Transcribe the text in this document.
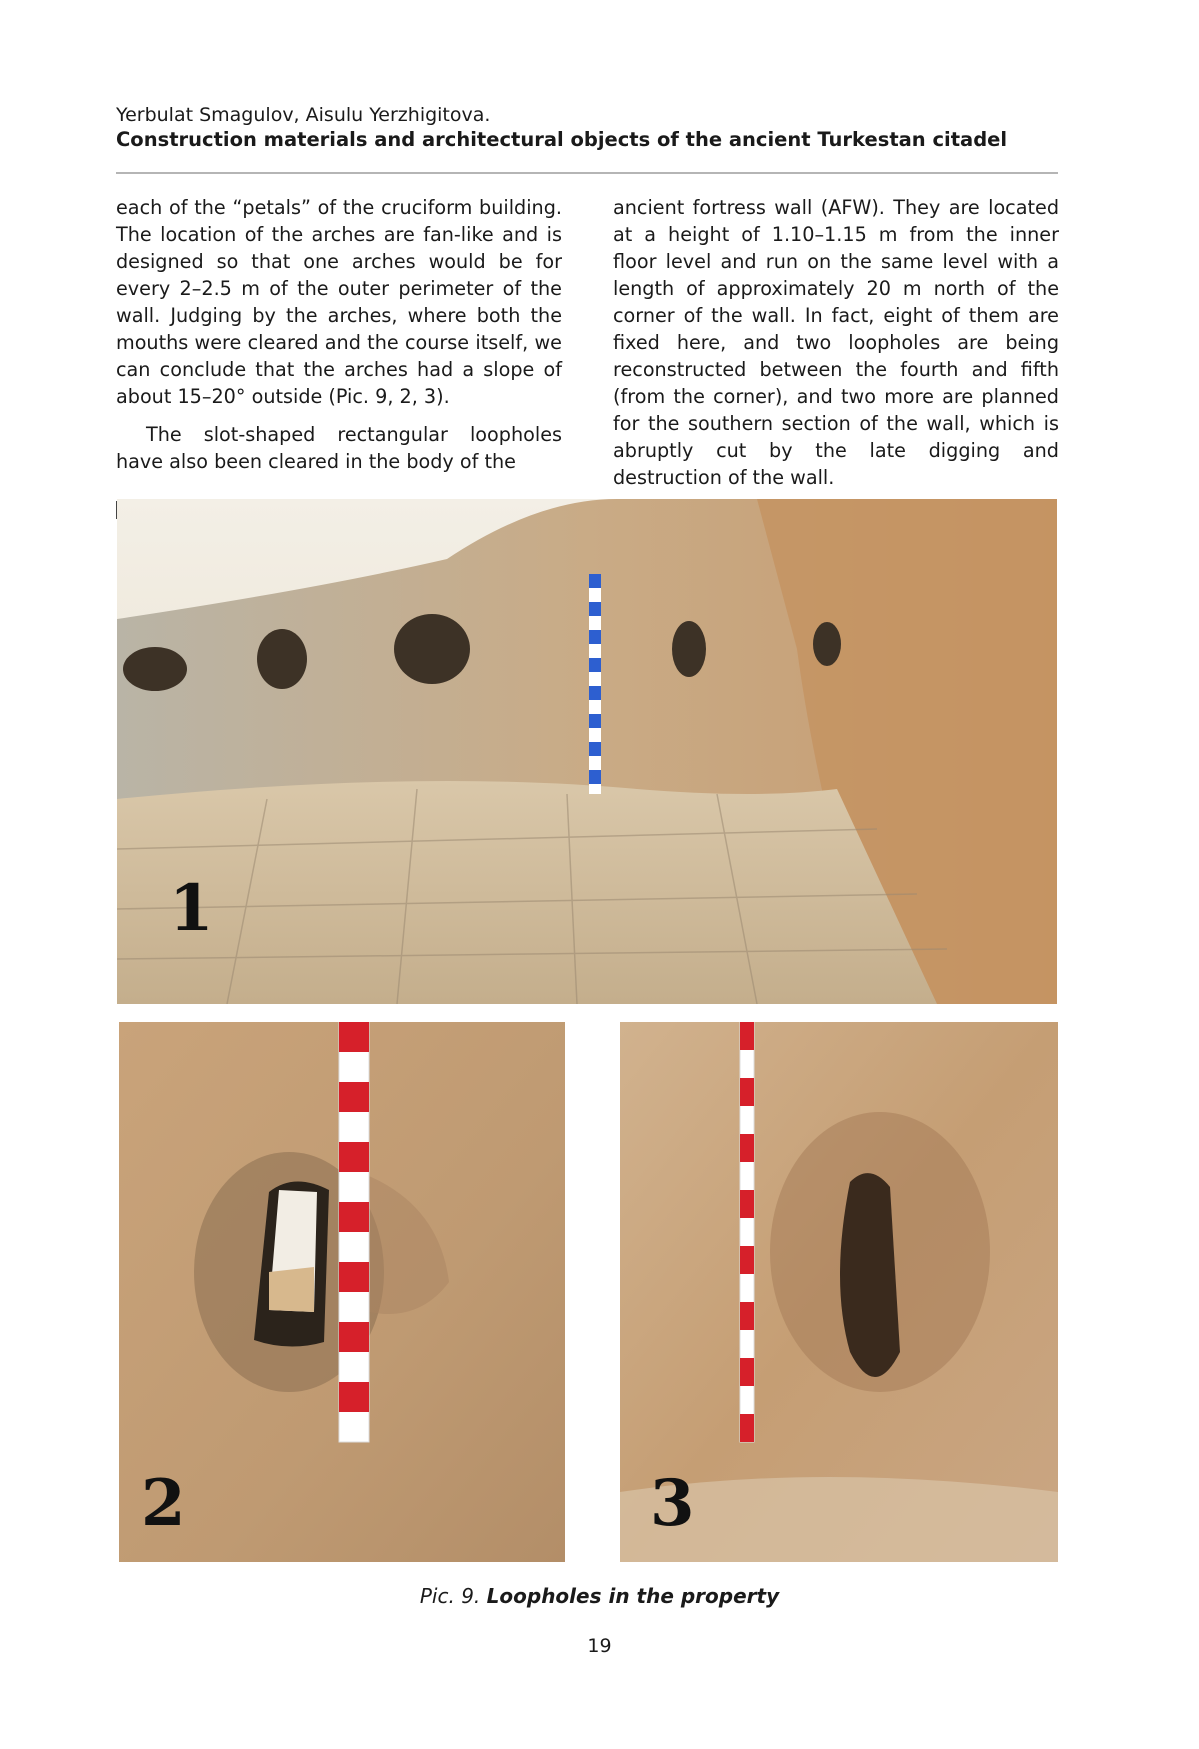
Yerbulat Smagulov, Aisulu Yerzhigitova.
Construction materials and architectural objects of the ancient Turkestan citadel

each of the “petals” of the cruciform building. The location of the arches are fan-like and is designed so that one arches would be for every 2–2.5 m of the outer perimeter of the wall. Judging by the arches, where both the mouths were cleared and the course itself, we can conclude that the arches had a slope of about 15–20° outside (Pic. 9, 2, 3).

The slot-shaped rectangular loopholes have also been cleared in the body of the

ancient fortress wall (AFW). They are located at a height of 1.10–1.15 m from the inner floor level and run on the same level with a length of approximately 20 m north of the corner of the wall. In fact, eight of them are fixed here, and two loopholes are being reconstructed between the fourth and fifth (from the corner), and two more are planned for the southern section of the wall, which is abruptly cut by the late digging and destruction of the wall.

1
2	3
Pic. 9. Loopholes in the property
19
